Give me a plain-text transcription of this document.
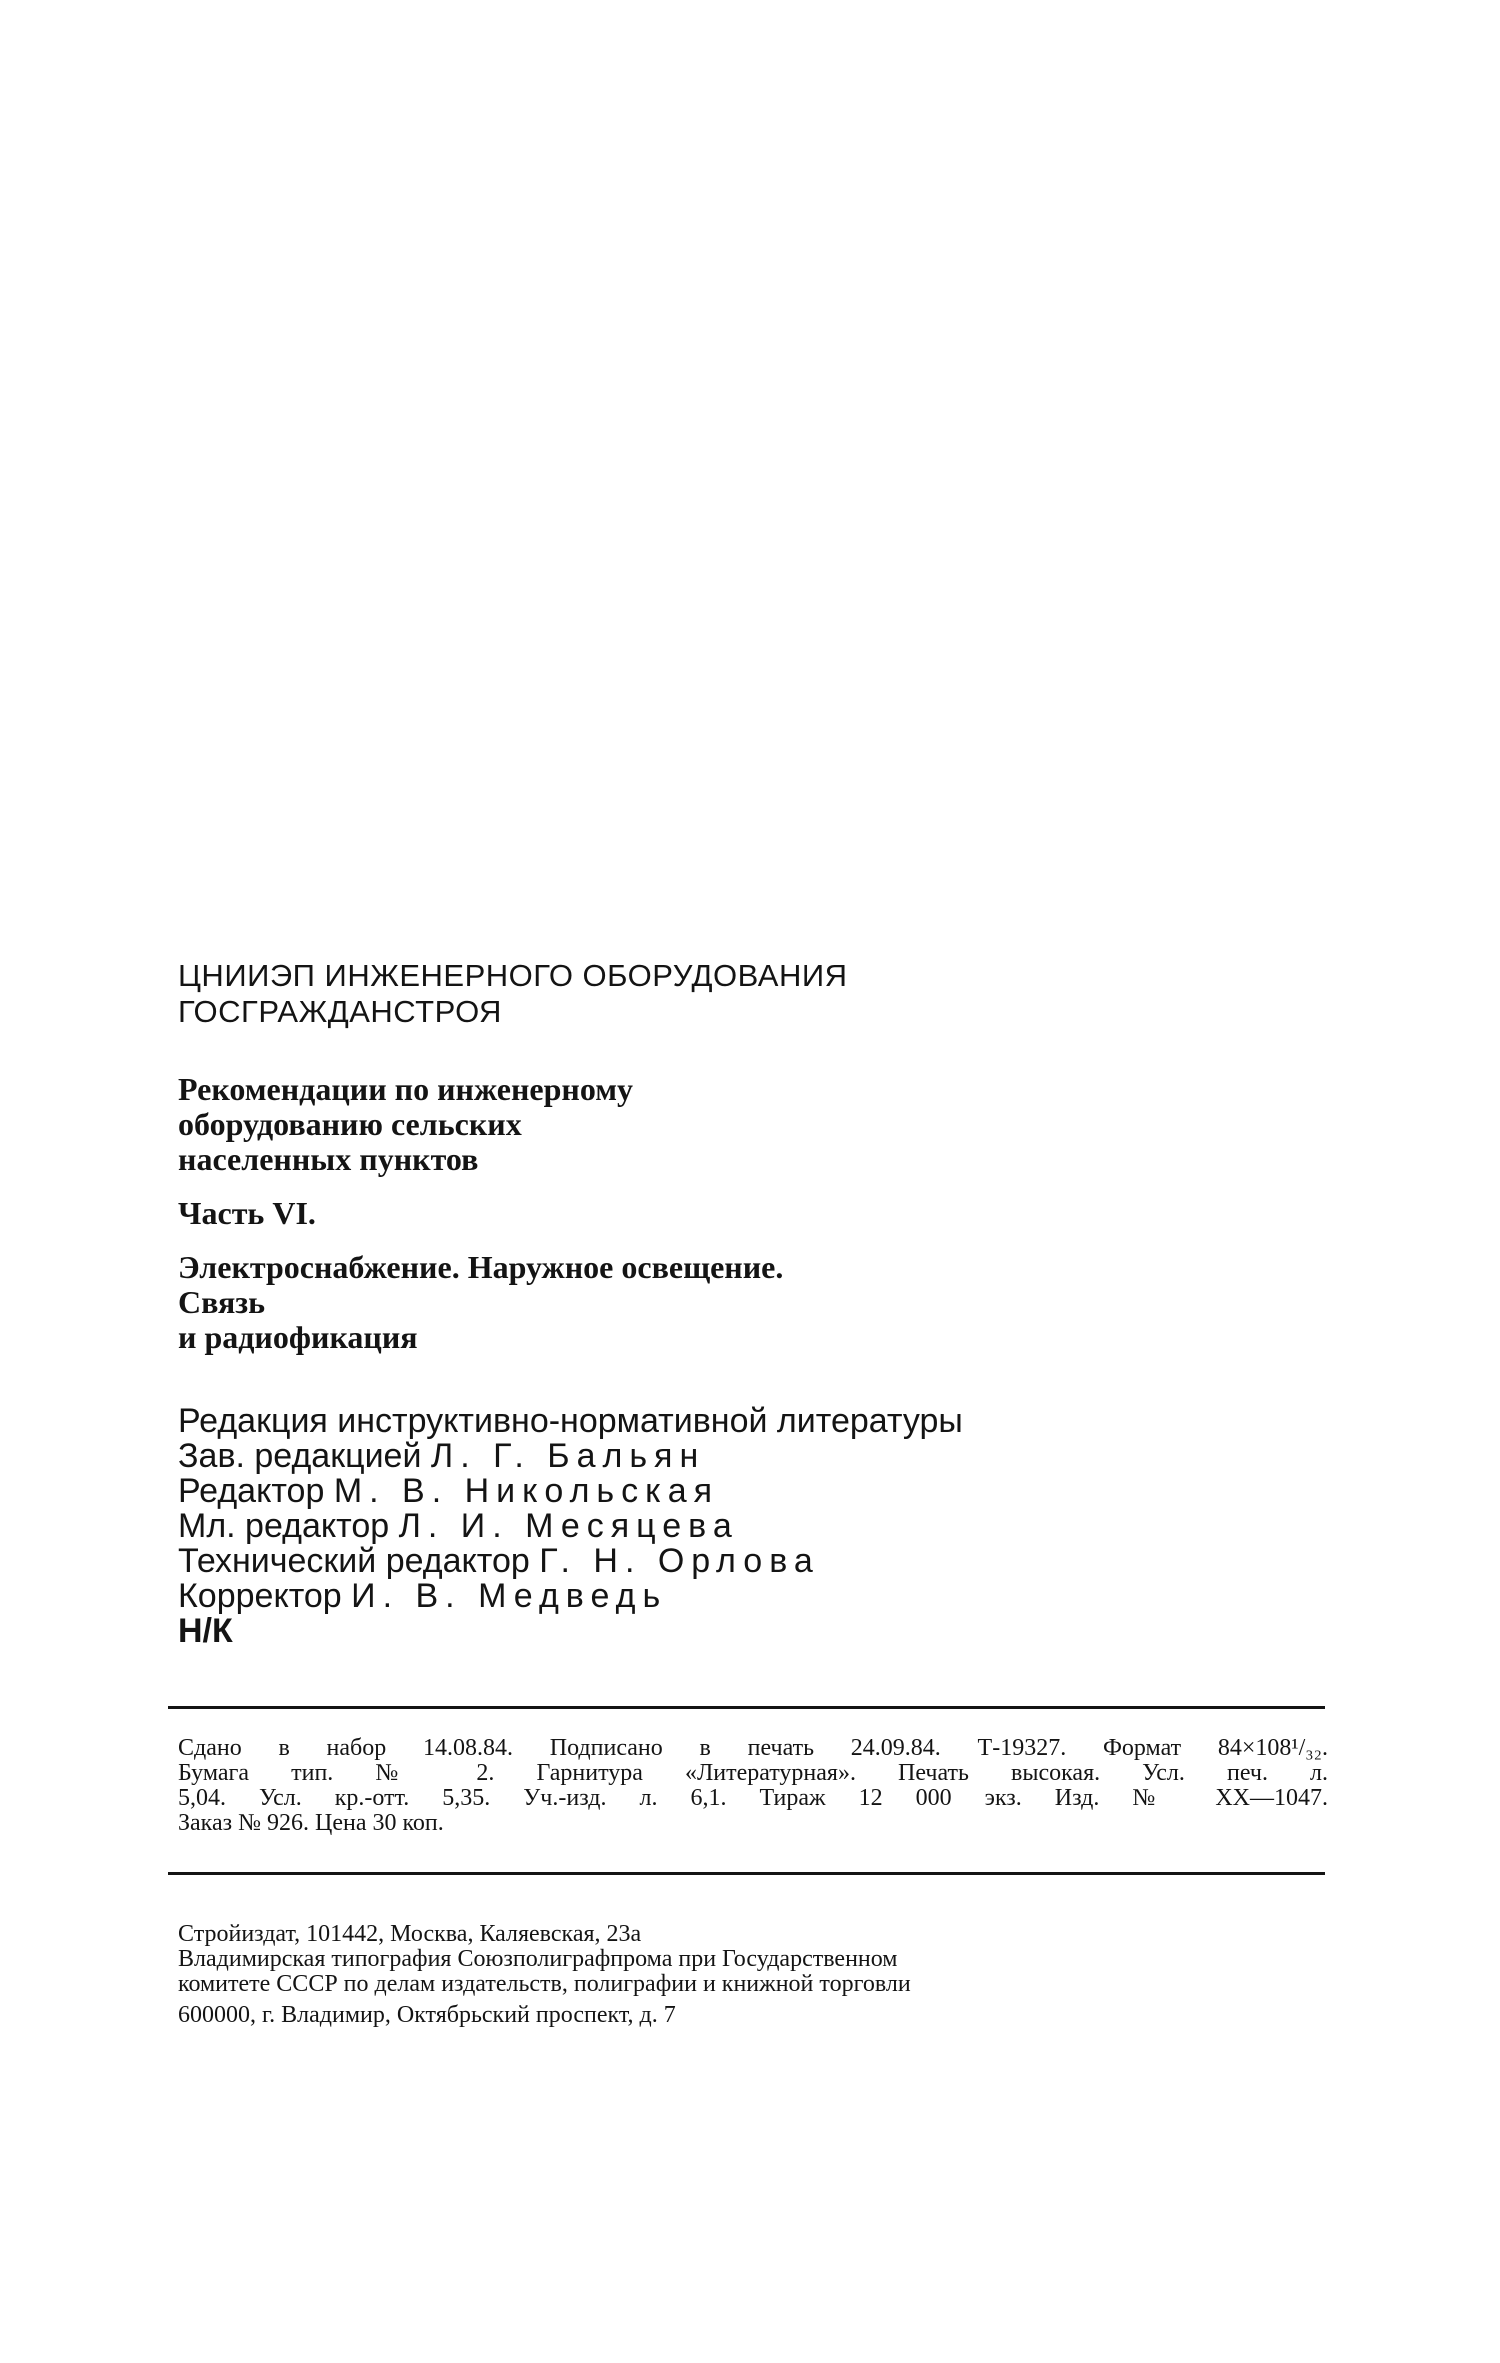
ЦНИИЭП ИНЖЕНЕРНОГО ОБОРУДОВАНИЯ
ГОСГРАЖДАНСТРОЯ
Рекомендации по инженерному
оборудованию сельских
населенных пунктов
Часть VI.
Электроснабжение. Наружное освещение.
Связь
и радиофикация
Редакция инструктивно-нормативной литературы
Зав. редакцией Л. Г. Бальян
Редактор М. В. Никольская
Мл. редактор Л. И. Месяцева
Технический редактор Г. Н. Орлова
Корректор И. В. Медведь
Н/К
Сдано в набор 14.08.84. Подписано в печать 24.09.84. Т-19327. Формат 84×108¹/₃₂.
Бумага тип. № 2. Гарнитура «Литературная». Печать высокая. Усл. печ. л.
5,04. Усл. кр.-отт. 5,35. Уч.-изд. л. 6,1. Тираж 12 000 экз. Изд. № XX—1047.
Заказ № 926. Цена 30 коп.
Стройиздат, 101442, Москва, Каляевская, 23а
Владимирская типография Союзполиграфпрома при Государственном
комитете СССР по делам издательств, полиграфии и книжной торговли
600000, г. Владимир, Октябрьский проспект, д. 7
